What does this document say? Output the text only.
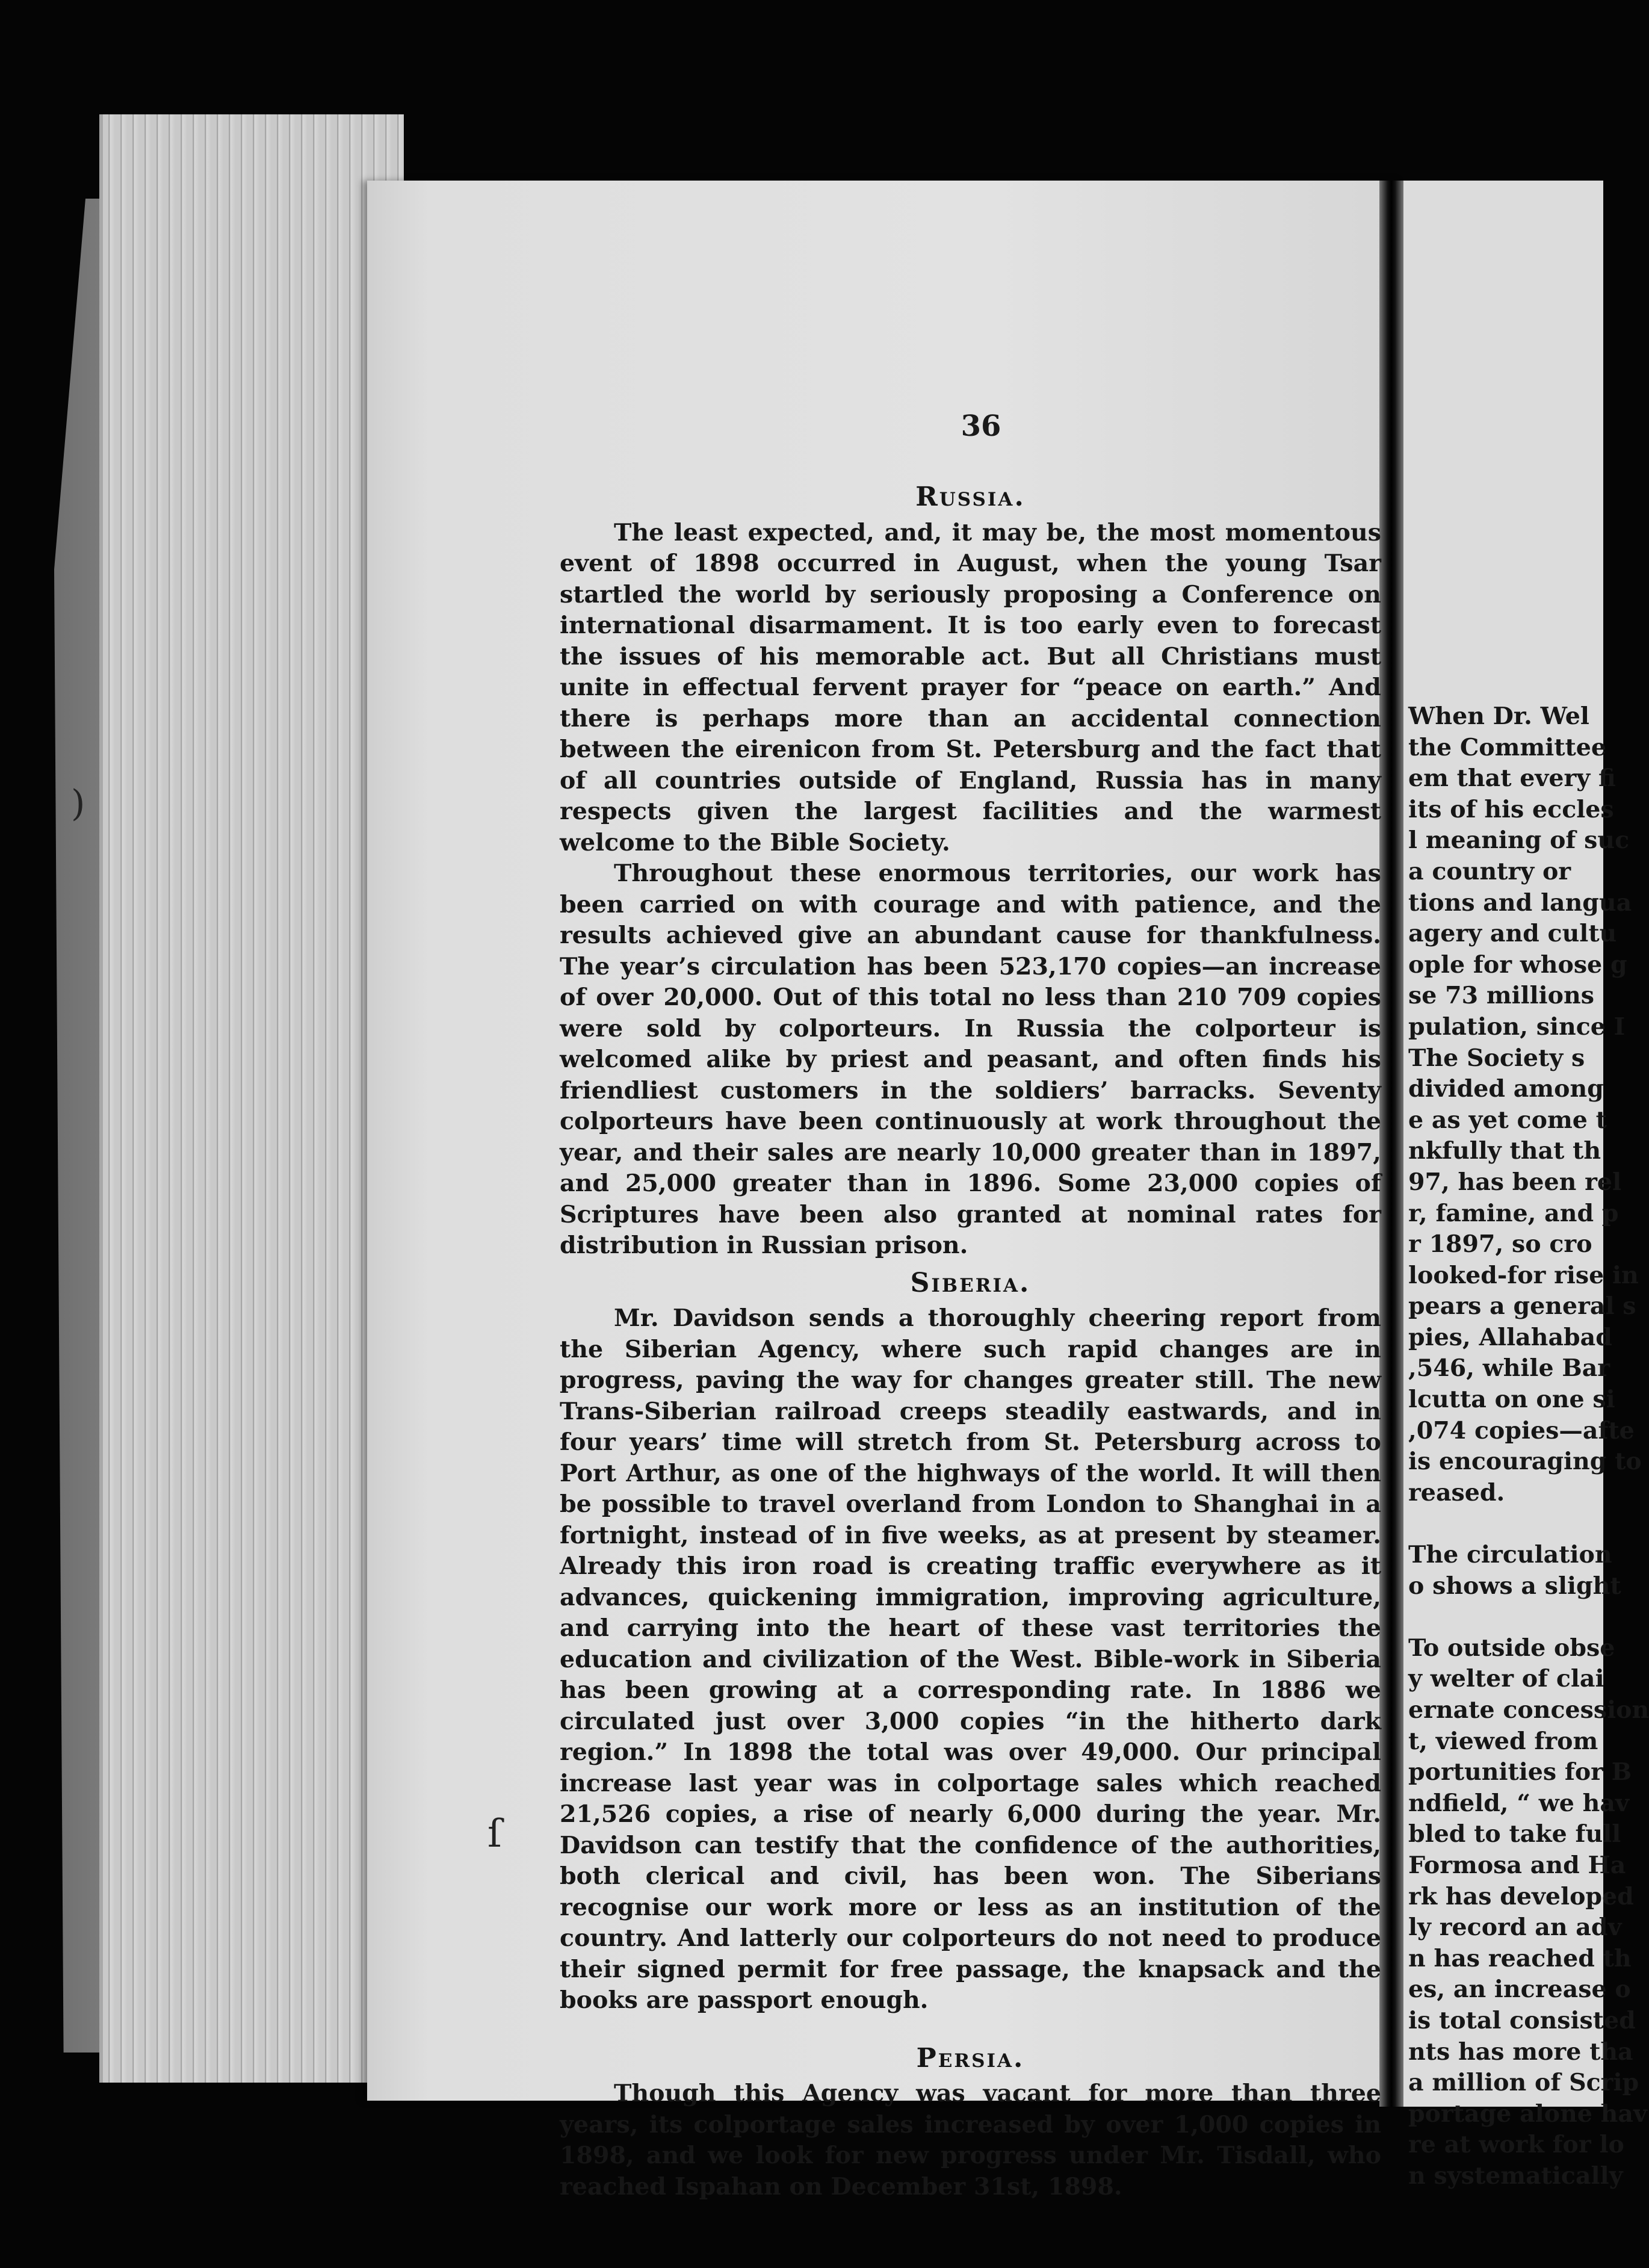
When Dr. Wel
the Committee
em that every fi
its of his eccles
l meaning of suc
a country or
tions and langua
agery and cultu
ople for whose g
se 73 millions
pulation, since I
The Society s
divided among
e as yet come t
nkfully that th
97, has been rel
r, famine, and p
r 1897, so cro
looked-for rise in
pears a general s
pies, Allahabad
,546, while Bar
lcutta on one si
,074 copies—afte
is encouraging to
reased.
The circulation
o shows a slight
To outside obse
y welter of clai
ernate concession
t, viewed from
portunities for B
ndfield, “ we hav
bled to take full
Formosa and Ha
rk has developed
ly record an adv
n has reached th
es, an increase o
is total consisted
nts has more tha
a million of Scrip
portage alone hav
re at work for lo
n systematically
)
ſ
36
Russia.

The least expected, and, it may be, the most momentous event of 1898 occurred in August, when the young Tsar startled the world by seriously proposing a Conference on international disarmament. It is too early even to forecast the issues of his memorable act. But all Christians must unite in effectual fervent prayer for “peace on earth.” And there is perhaps more than an accidental connection between the eirenicon from St. Petersburg and the fact that of all countries outside of England, Russia has in many respects given the largest facilities and the warmest welcome to the Bible Society.

Throughout these enormous territories, our work has been carried on with courage and with patience, and the results achieved give an abundant cause for thankfulness. The year’s circulation has been 523,170 copies—an increase of over 20,000. Out of this total no less than 210 709 copies were sold by colporteurs. In Russia the colporteur is welcomed alike by priest and peasant, and often finds his friendliest customers in the soldiers’ barracks. Seventy colporteurs have been continuously at work throughout the year, and their sales are nearly 10,000 greater than in 1897, and 25,000 greater than in 1896. Some 23,000 copies of Scriptures have been also granted at nominal rates for distribution in Russian prison.

Siberia.

Mr. Davidson sends a thoroughly cheering report from the Siberian Agency, where such rapid changes are in progress, paving the way for changes greater still. The new Trans-Siberian railroad creeps steadily eastwards, and in four years’ time will stretch from St. Petersburg across to Port Arthur, as one of the highways of the world. It will then be possible to travel overland from London to Shanghai in a fortnight, instead of in five weeks, as at present by steamer. Already this iron road is creating traffic everywhere as it advances, quickening immigration, improving agriculture, and carrying into the heart of these vast territories the education and civilization of the West. Bible-work in Siberia has been growing at a corresponding rate. In 1886 we circulated just over 3,000 copies “in the hitherto dark region.” In 1898 the total was over 49,000. Our principal increase last year was in colportage sales which reached 21,526 copies, a rise of nearly 6,000 during the year. Mr. Davidson can testify that the confidence of the authorities, both clerical and civil, has been won. The Siberians recognise our work more or less as an institution of the country. And latterly our colporteurs do not need to produce their signed permit for free passage, the knapsack and the books are passport enough.

Persia.

Though this Agency was vacant for more than three years, its colportage sales increased by over 1,000 copies in 1898, and we look for new progress under Mr. Tisdall, who reached Ispahan on December 31st, 1898.
